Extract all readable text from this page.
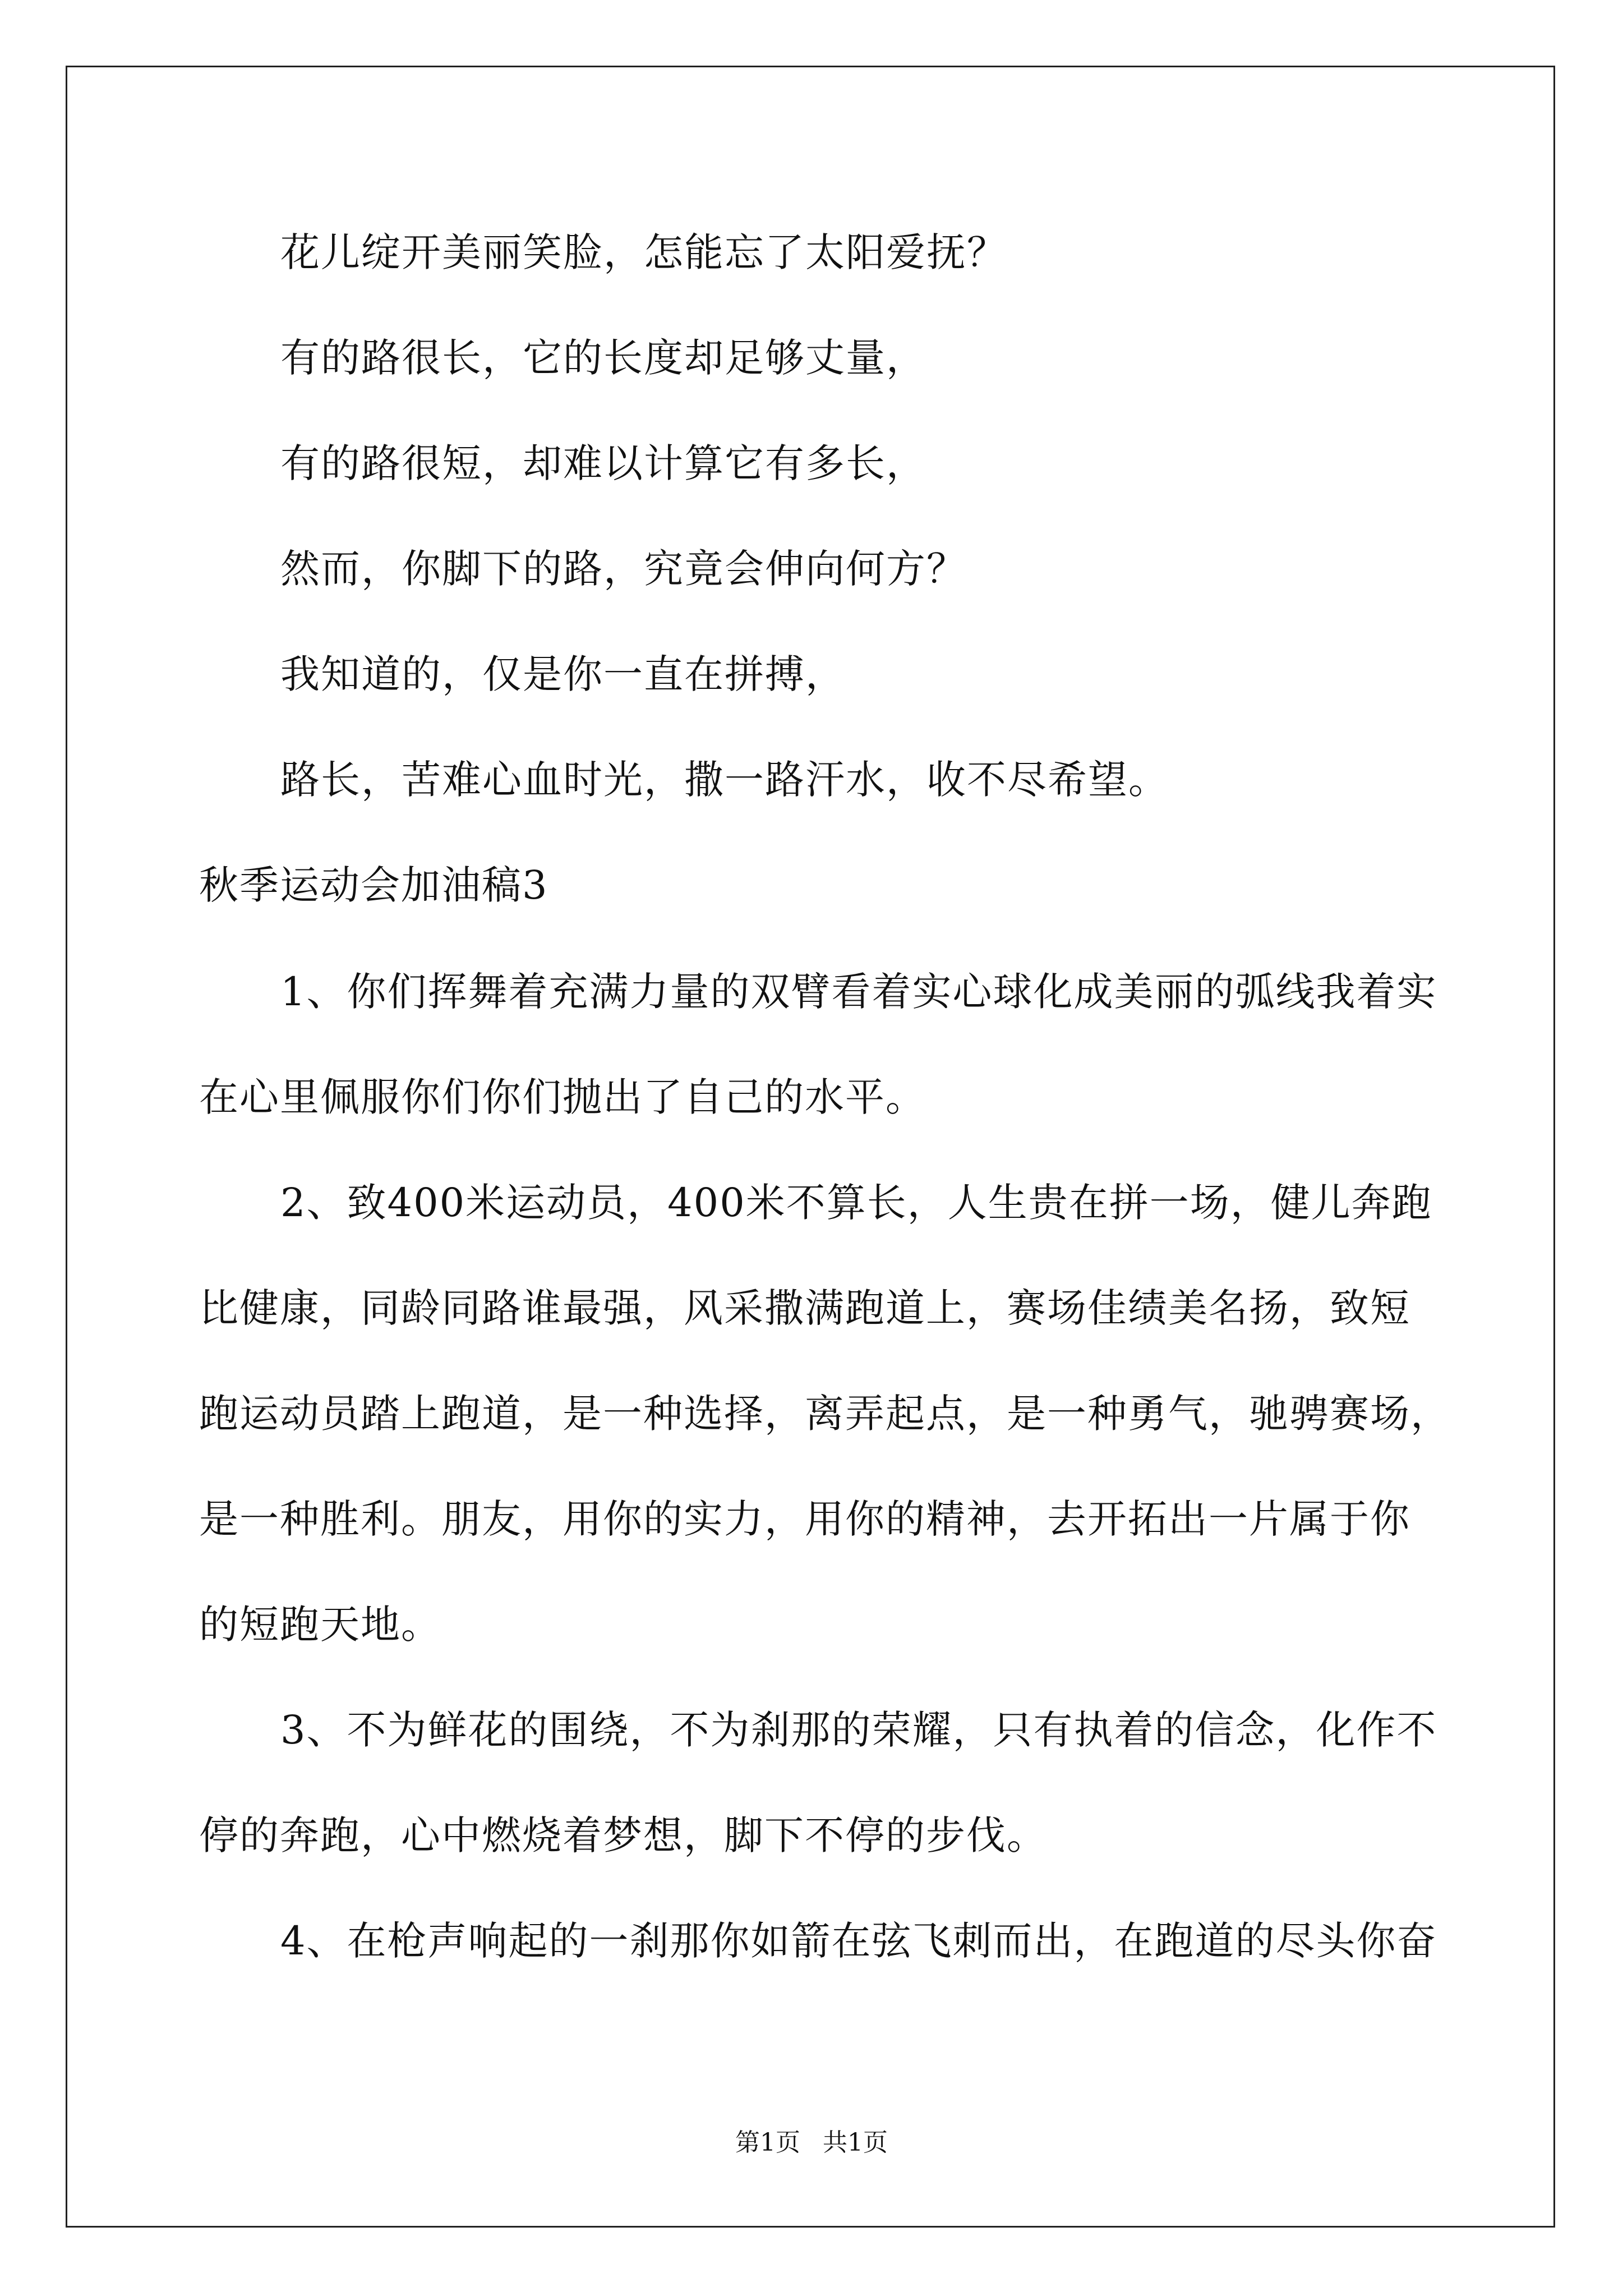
花儿绽开美丽笑脸，怎能忘了太阳爱抚？
有的路很长，它的长度却足够丈量，
有的路很短，却难以计算它有多长，
然而，你脚下的路，究竟会伸向何方？
我知道的，仅是你一直在拼搏，
路长，苦难心血时光，撒一路汗水，收不尽希望。
秋季运动会加油稿3
1、你们挥舞着充满力量的双臂看着实心球化成美丽的弧线我着实
在心里佩服你们你们抛出了自己的水平。
2、致400米运动员，400米不算长，人生贵在拼一场，健儿奔跑
比健康，同龄同路谁最强，风采撒满跑道上，赛场佳绩美名扬，致短
跑运动员踏上跑道，是一种选择，离弄起点，是一种勇气，驰骋赛场，
是一种胜利。朋友，用你的实力，用你的精神，去开拓出一片属于你
的短跑天地。
3、不为鲜花的围绕，不为刹那的荣耀，只有执着的信念，化作不
停的奔跑，心中燃烧着梦想，脚下不停的步伐。
4、在枪声响起的一刹那你如箭在弦飞刺而出，在跑道的尽头你奋
第1页 共1页
